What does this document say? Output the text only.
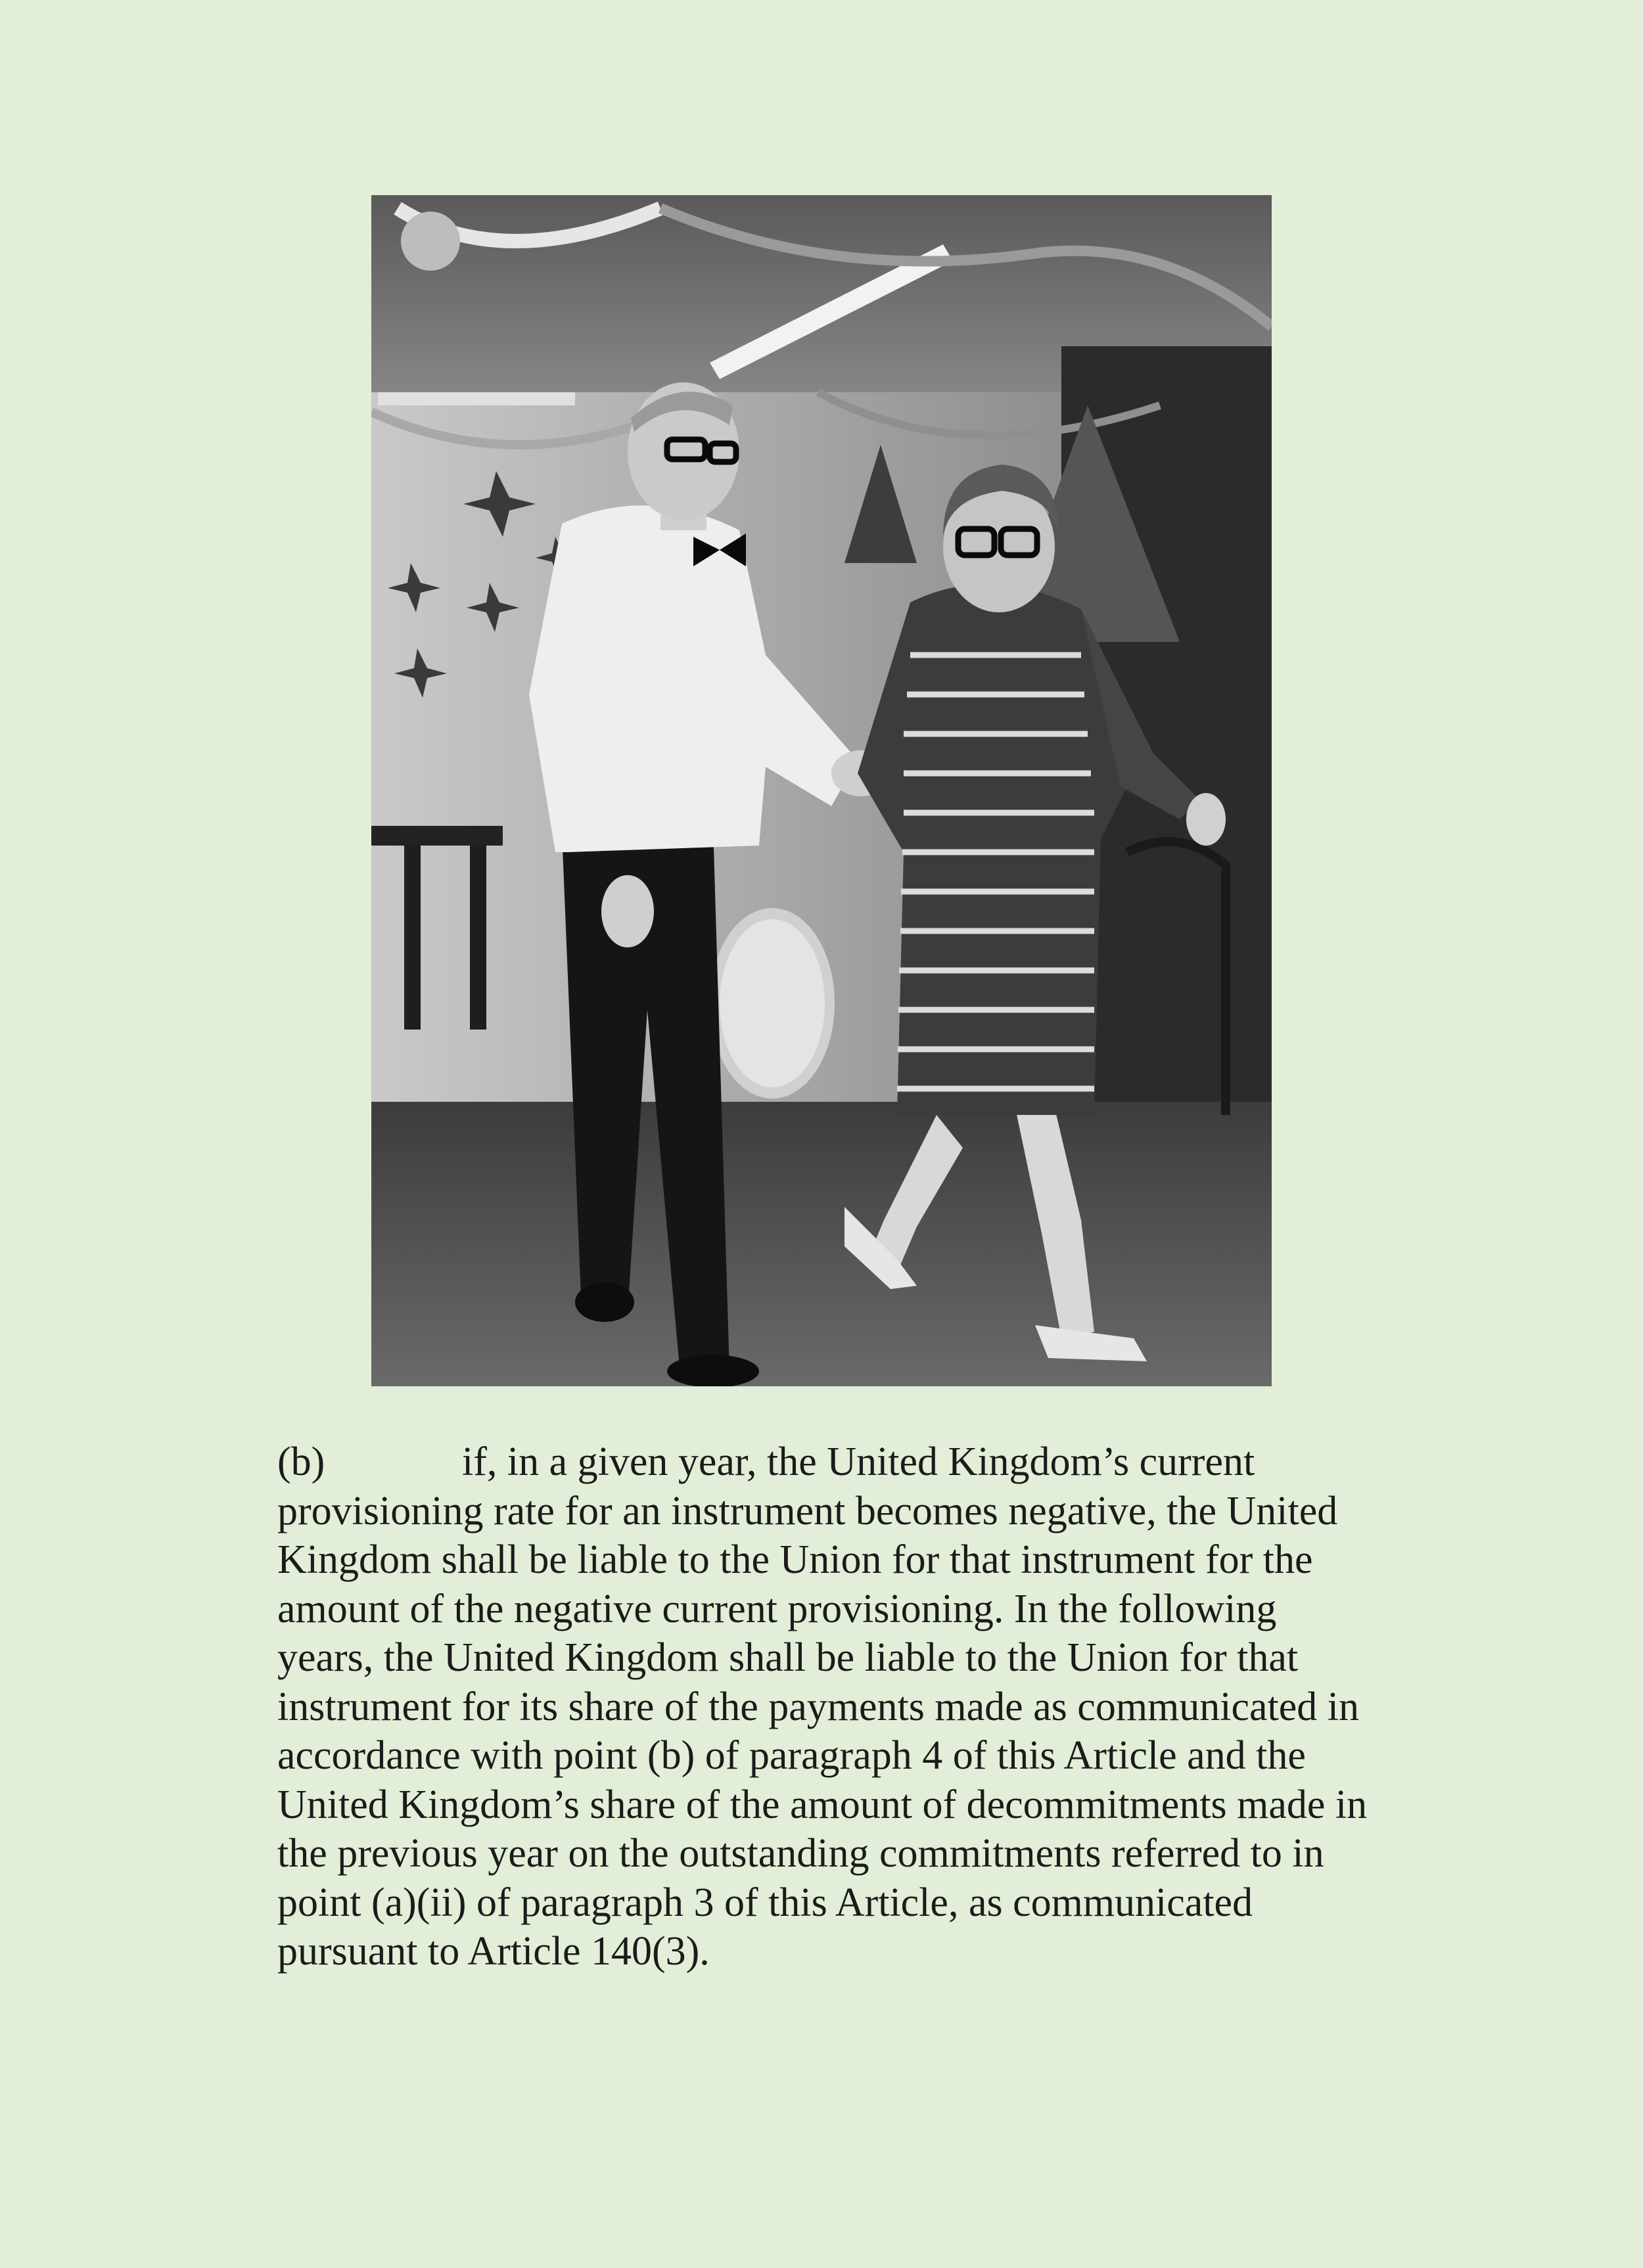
(b)	if, in a given year, the United Kingdom’s current provisioning rate for an instrument becomes negative, the United Kingdom shall be liable to the Union for that instrument for the amount of the negative current provisioning. In the following years, the United Kingdom shall be liable to the Union for that instrument for its share of the payments made as communicated in accordance with point (b) of paragraph 4 of this Article and the United Kingdom’s share of the amount of decommitments made in the previous year on the outstanding commitments referred to in point (a)(ii) of paragraph 3 of this Article, as communicated pursuant to Article 140(3).
